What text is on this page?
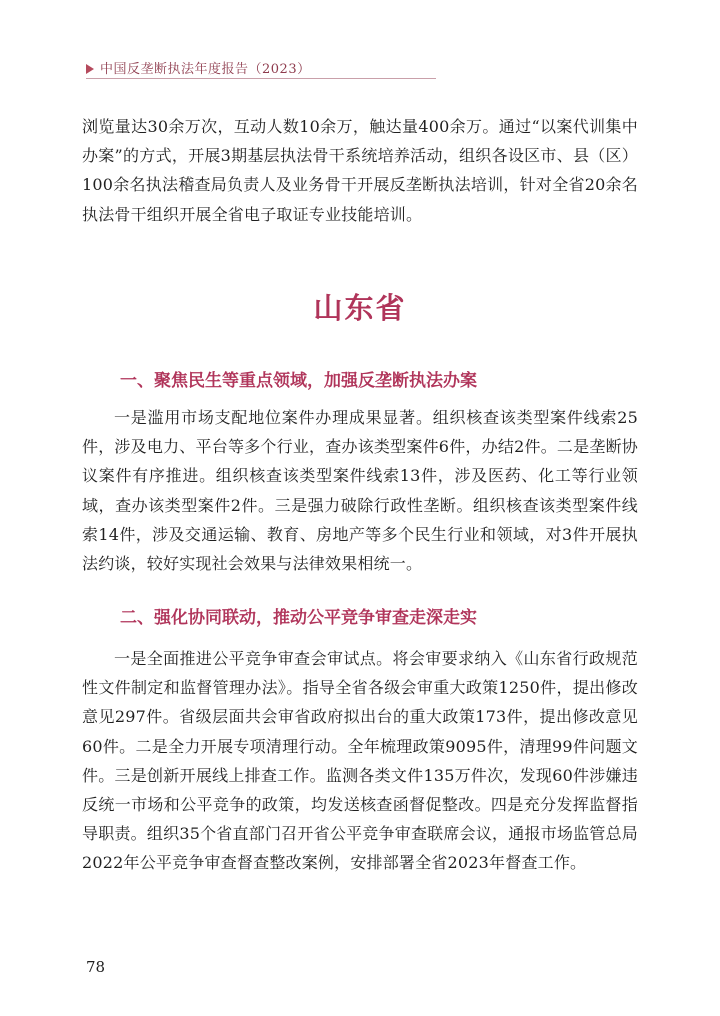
中国反垄断执法年度报告（2023）

浏览量达30余万次，互动人数10余万，触达量400余万。通过“以案代训集中办案”的方式，开展3期基层执法骨干系统培养活动，组织各设区市、县（区）100余名执法稽查局负责人及业务骨干开展反垄断执法培训，针对全省20余名执法骨干组织开展全省电子取证专业技能培训。

山东省
一、聚焦民生等重点领域，加强反垄断执法办案

一是滥用市场支配地位案件办理成果显著。组织核查该类型案件线索25件，涉及电力、平台等多个行业，查办该类型案件6件，办结2件。二是垄断协议案件有序推进。组织核查该类型案件线索13件，涉及医药、化工等行业领域，查办该类型案件2件。三是强力破除行政性垄断。组织核查该类型案件线索14件，涉及交通运输、教育、房地产等多个民生行业和领域，对3件开展执法约谈，较好实现社会效果与法律效果相统一。

二、强化协同联动，推动公平竞争审查走深走实

一是全面推进公平竞争审查会审试点。将会审要求纳入《山东省行政规范性文件制定和监督管理办法》。指导全省各级会审重大政策1250件，提出修改意见297件。省级层面共会审省政府拟出台的重大政策173件，提出修改意见60件。二是全力开展专项清理行动。全年梳理政策9095件，清理99件问题文件。三是创新开展线上排查工作。监测各类文件135万件次，发现60件涉嫌违反统一市场和公平竞争的政策，均发送核查函督促整改。四是充分发挥监督指导职责。组织35个省直部门召开省公平竞争审查联席会议，通报市场监管总局2022年公平竞争审查督查整改案例，安排部署全省2023年督查工作。

78
